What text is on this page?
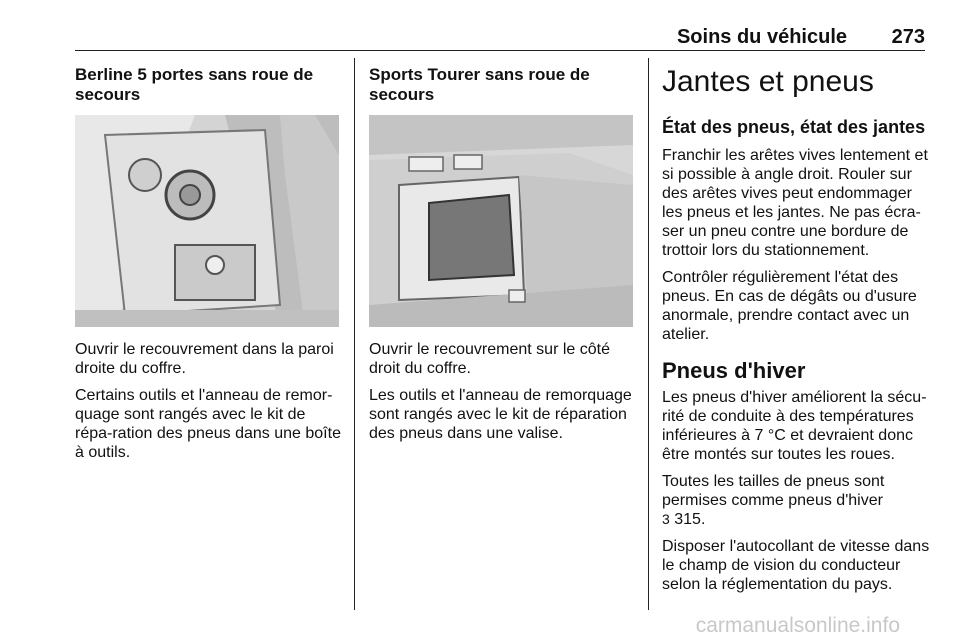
Soins du véhicule 273
Berline 5 portes sans roue de secours

Ouvrir le recouvrement dans la paroi droite du coffre.

Certains outils et l'anneau de remor-quage sont rangés avec le kit de répa-ration des pneus dans une boîte à outils.

Sports Tourer sans roue de secours

Ouvrir le recouvrement sur le côté droit du coffre.

Les outils et l'anneau de remorquage sont rangés avec le kit de réparation des pneus dans une valise.

Jantes et pneus
État des pneus, état des jantes

Franchir les arêtes vives lentement et si possible à angle droit. Rouler sur des arêtes vives peut endommager les pneus et les jantes. Ne pas écra-ser un pneu contre une bordure de trottoir lors du stationnement.

Contrôler régulièrement l'état des pneus. En cas de dégâts ou d'usure anormale, prendre contact avec un atelier.

Pneus d'hiver

Les pneus d'hiver améliorent la sécu-rité de conduite à des températures inférieures à 7 °C et devraient donc être montés sur toutes les roues.

Toutes les tailles de pneus sont permises comme pneus d'hiver
3 315.

Disposer l'autocollant de vitesse dans le champ de vision du conducteur selon la réglementation du pays.

carmanualsonline.info
